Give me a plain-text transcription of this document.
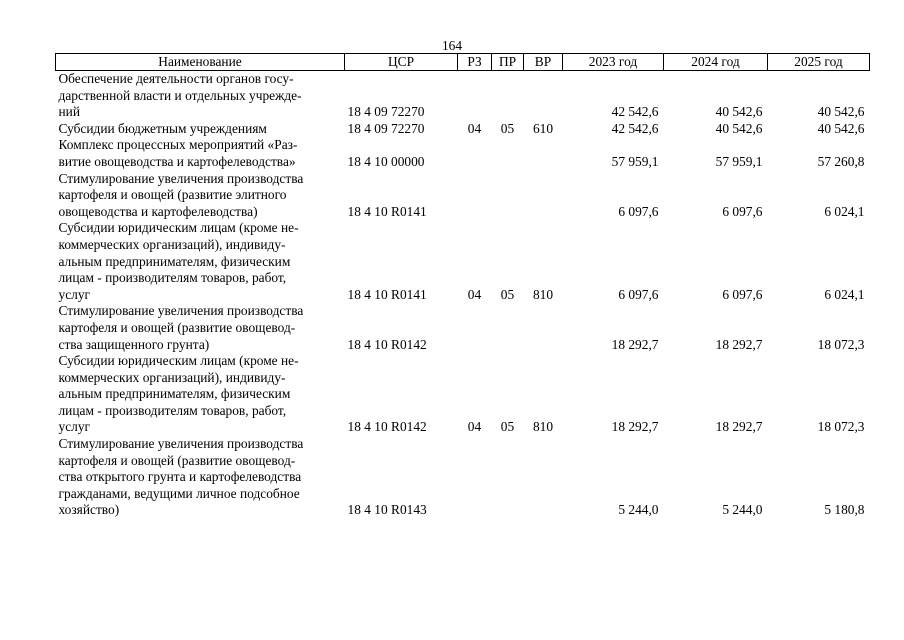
164
Наименование	ЦСР	РЗ	ПР	ВР	2023 год	2024 год	2025 год
Обеспечение деятельности органов госу-
дарственной власти и отдельных учрежде-
ний	18 4 09 72270				42 542,6	40 542,6	40 542,6
Субсидии бюджетным учреждениям	18 4 09 72270	04	05	610	42 542,6	40 542,6	40 542,6
Комплекс процессных мероприятий «Раз-
витие овощеводства и картофелеводства»	18 4 10 00000				57 959,1	57 959,1	57 260,8
Стимулирование увеличения производства
картофеля и овощей (развитие элитного
овощеводства и картофелеводства)	18 4 10 R0141				6 097,6	6 097,6	6 024,1
Субсидии юридическим лицам (кроме не-
коммерческих организаций), индивиду-
альным предпринимателям, физическим
лицам - производителям товаров, работ,
услуг	18 4 10 R0141	04	05	810	6 097,6	6 097,6	6 024,1
Стимулирование увеличения производства
картофеля и овощей (развитие овощевод-
ства защищенного грунта)	18 4 10 R0142				18 292,7	18 292,7	18 072,3
Субсидии юридическим лицам (кроме не-
коммерческих организаций), индивиду-
альным предпринимателям, физическим
лицам - производителям товаров, работ,
услуг	18 4 10 R0142	04	05	810	18 292,7	18 292,7	18 072,3
Стимулирование увеличения производства
картофеля и овощей (развитие овощевод-
ства открытого грунта и картофелеводства
гражданами, ведущими личное подсобное
хозяйство)	18 4 10 R0143				5 244,0	5 244,0	5 180,8
